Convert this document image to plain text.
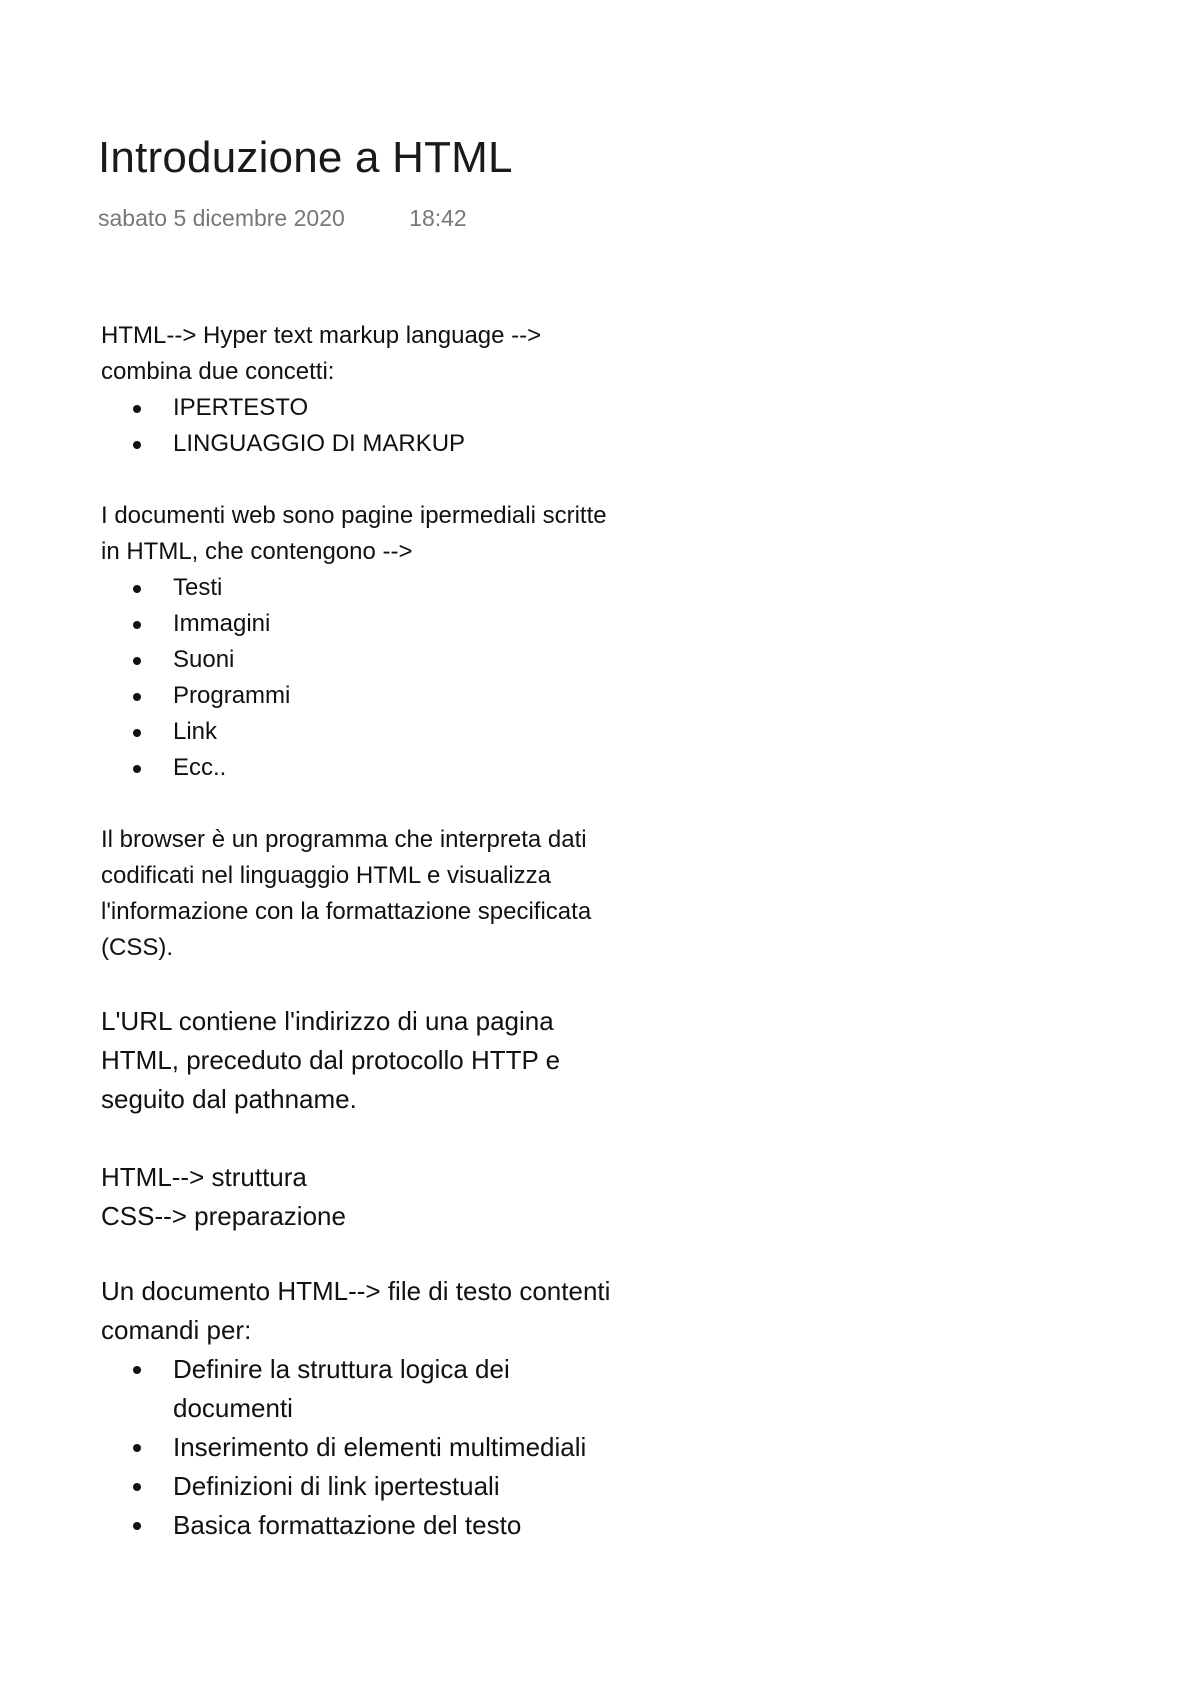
Introduzione a HTML
sabato 5 dicembre 2020	18:42

HTML--> Hyper text markup language -->

combina due concetti:

IPERTESTO
LINGUAGGIO DI MARKUP

I documenti web sono pagine ipermediali scritte

in HTML, che contengono -->

Testi
Immagini
Suoni
Programmi
Link
Ecc..

Il browser è un programma che interpreta dati

codificati nel linguaggio HTML e visualizza

l'informazione con la formattazione specificata

(CSS).

L'URL contiene l'indirizzo di una pagina

HTML, preceduto dal protocollo HTTP e

seguito dal pathname.

HTML--> struttura

CSS--> preparazione

Un documento HTML--> file di testo contenti

comandi per:

Definire la struttura logica dei
documenti
Inserimento di elementi multimediali
Definizioni di link ipertestuali
Basica formattazione del testo
